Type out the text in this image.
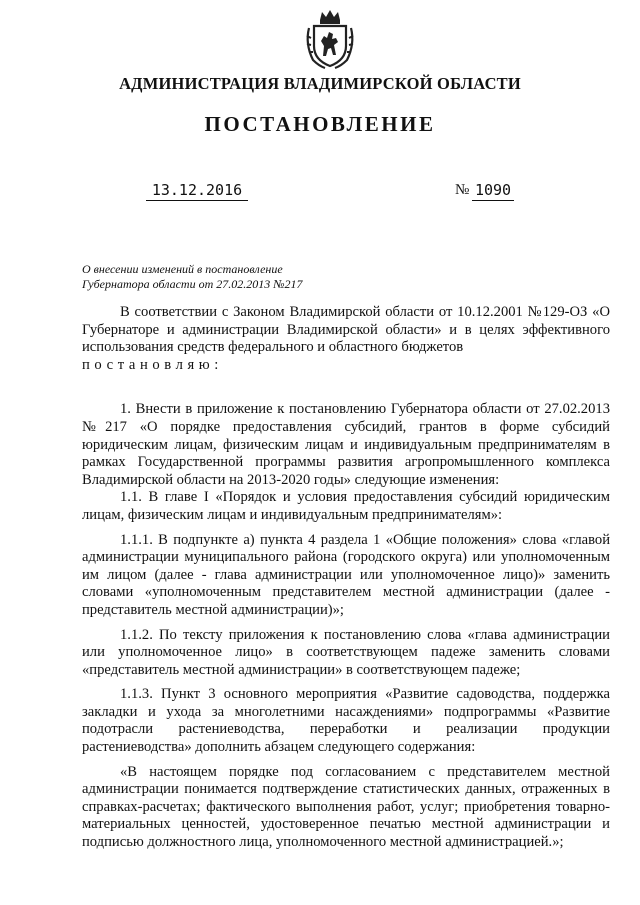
АДМИНИСТРАЦИЯ ВЛАДИМИРСКОЙ ОБЛАСТИ
ПОСТАНОВЛЕНИЕ
13.12.2016	№ 1090
О внесении изменений в постановление
Губернатора области от 27.02.2013 №217

В соответствии с Законом Владимирской области от 10.12.2001 №129-ОЗ «О Губернаторе и администрации Владимирской области» и в целях эффективного использования средств федерального и областного бюджетов

постановляю:

1. Внести в приложение к постановлению Губернатора области от 27.02.2013 №217 «О порядке предоставления субсидий, грантов в форме субсидий юридическим лицам, физическим лицам и индивидуальным предпринимателям в рамках Государственной программы развития агропромышленного комплекса Владимирской области на 2013-2020 годы» следующие изменения:

1.1. В главе I «Порядок и условия предоставления субсидий юридическим лицам, физическим лицам и индивидуальным предпринимателям»:

1.1.1. В подпункте а) пункта 4 раздела 1 «Общие положения» слова «главой администрации муниципального района (городского округа) или уполномоченным им лицом (далее - глава администрации или уполномоченное лицо)» заменить словами «уполномоченным представителем местной администрации (далее - представитель местной администрации)»;

1.1.2. По тексту приложения к постановлению слова «глава администрации или уполномоченное лицо» в соответствующем падеже заменить словами «представитель местной администрации» в соответствующем падеже;

1.1.3. Пункт 3 основного мероприятия «Развитие садоводства, поддержка закладки и ухода за многолетними насаждениями» подпрограммы «Развитие подотрасли растениеводства, переработки и реализации продукции растениеводства» дополнить абзацем следующего содержания:

«В настоящем порядке под согласованием с представителем местной администрации понимается подтверждение статистических данных, отраженных в справках-расчетах; фактического выполнения работ, услуг; приобретения товарно-материальных ценностей, удостоверенное печатью местной администрации и подписью должностного лица, уполномоченного местной администрацией.»;
